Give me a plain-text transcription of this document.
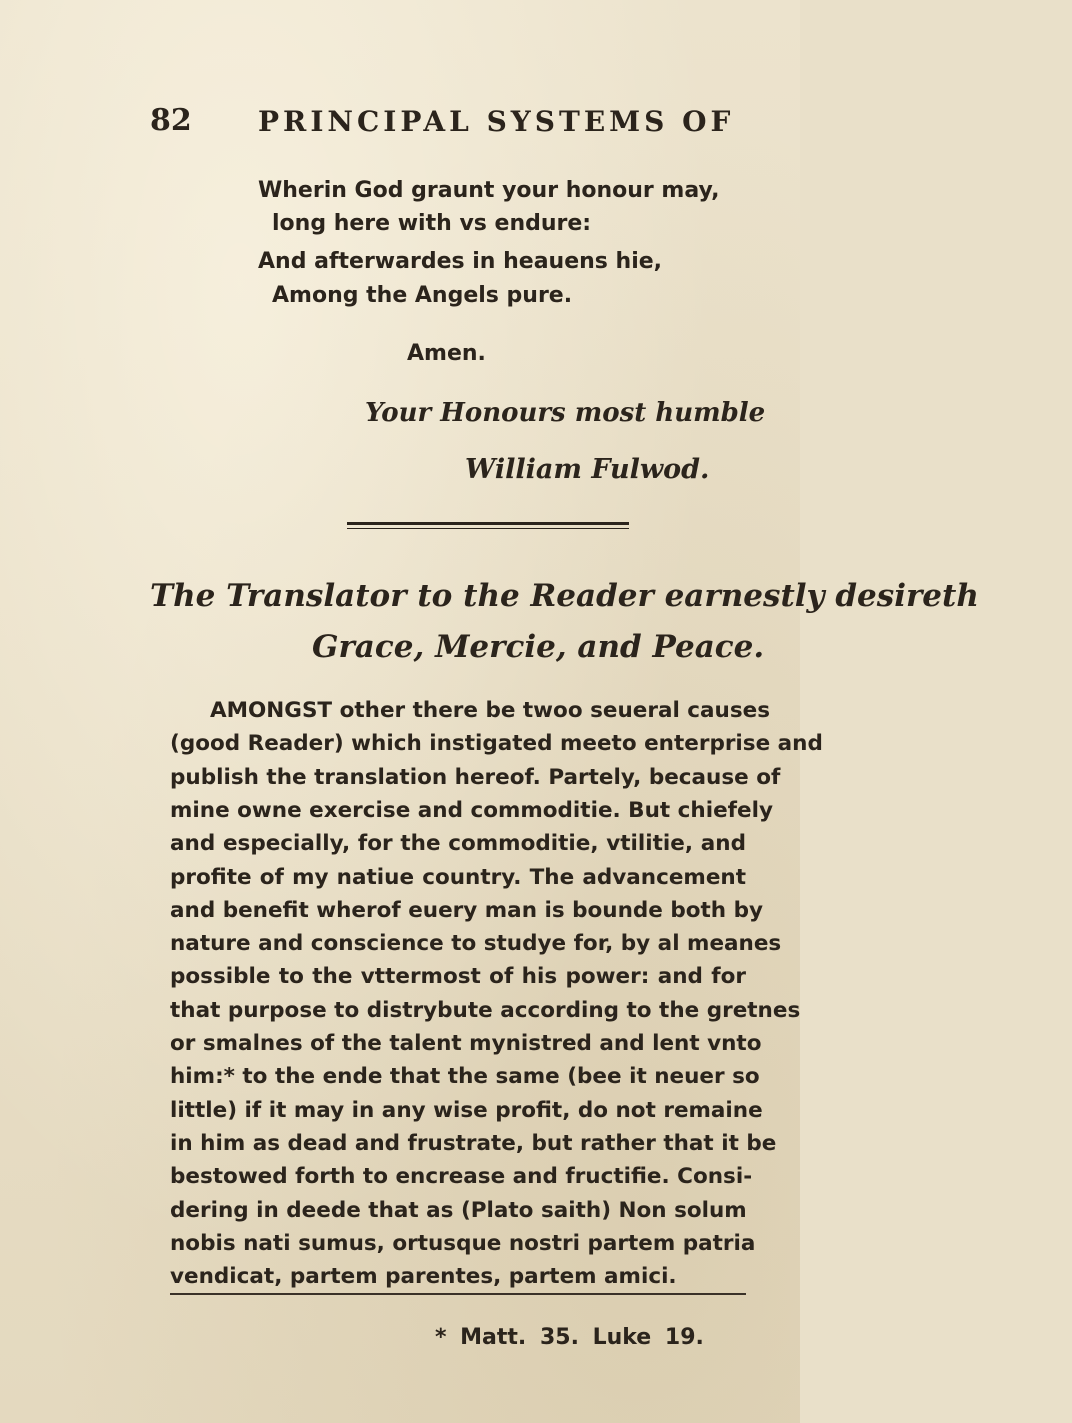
82 PRINCIPAL SYSTEMS OF
Wherin God graunt your honour may,
long here with vs endure:
And afterwardes in heauens hie,
Among the Angels pure.
Amen.
Your Honours most humble
William Fulwod.
The Translator to the Reader earnestly desireth
Grace, Mercie, and Peace.
AMONGST other there be twoo seueral causes
(good Reader) which instigated meeto enterprise and
publish the translation hereof. Partely, because of
mine owne exercise and commoditie. But chiefely
and especially, for the commoditie, vtilitie, and
profite of my natiue country. The advancement
and benefit wherof euery man is bounde both by
nature and conscience to studye for, by al meanes
possible to the vttermost of his power: and for
that purpose to distrybute according to the gretnes
or smalnes of the talent mynistred and lent vnto
him:* to the ende that the same (bee it neuer so
little) if it may in any wise profit, do not remaine
in him as dead and frustrate, but rather that it be
bestowed forth to encrease and fructifie. Consi-
dering in deede that as (Plato saith) Non solum
nobis nati sumus, ortusque nostri partem patria
vendicat, partem parentes, partem amici.
* Matt. 35. Luke 19.
